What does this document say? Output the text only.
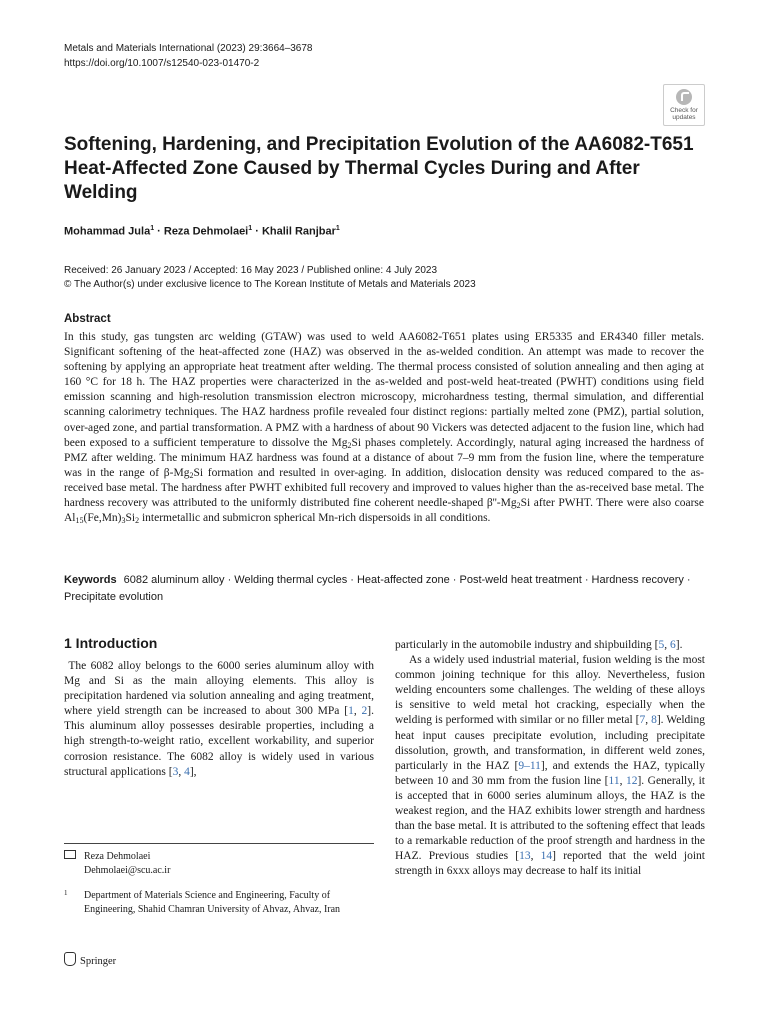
Metals and Materials International (2023) 29:3664–3678
https://doi.org/10.1007/s12540-023-01470-2
Check for
updates
Softening, Hardening, and Precipitation Evolution of the AA6082-T651 Heat-Affected Zone Caused by Thermal Cycles During and After Welding
Mohammad Jula$^1$ · Reza Dehmolaei$^1$ · Khalil Ranjbar$^1$
Received: 26 January 2023 / Accepted: 16 May 2023 / Published online: 4 July 2023
© The Author(s) under exclusive licence to The Korean Institute of Metals and Materials 2023
Abstract

In this study, gas tungsten arc welding (GTAW) was used to weld AA6082-T651 plates using ER5335 and ER4340 filler metals. Significant softening of the heat-affected zone (HAZ) was observed in the as-welded condition. An attempt was made to recover the softening by applying an appropriate heat treatment after welding. The thermal process consisted of solution annealing and then aging at 160 °C for 18 h. The HAZ properties were characterized in the as-welded and post-weld heat-treated (PWHT) conditions using field emission scanning and high-resolution transmission electron microscopy, microhardness testing, thermal simulation, and differential scanning calorimetry techniques. The HAZ hardness profile revealed four distinct regions: partially melted zone (PMZ), partial solution, over-aged zone, and partial transformation. A PMZ with a hardness of about 90 Vickers was detected adjacent to the fusion line, which had been exposed to a sufficient temperature to dissolve the $Mg_2Si$ phases completely. Accordingly, natural aging increased the hardness of PMZ after welding. The minimum HAZ hardness was found at a distance of about 7–9 mm from the fusion line, where the temperature was in the range of $\beta-Mg_2Si$ formation and resulted in over-aging. In addition, dislocation density was reduced compared to the as-received base metal. The hardness after PWHT exhibited full recovery and improved to values higher than the as-received base metal. The hardness recovery was attributed to the uniformly distributed fine coherent needle-shaped $\beta''-Mg_2Si$ after PWHT. There were also coarse $Al_{15}(Fe,Mn)_3Si_2$ intermetallic and submicron spherical Mn-rich dispersoids in all conditions.

Keywords 6082 aluminum alloy · Welding thermal cycles · Heat-affected zone · Post-weld heat treatment · Hardness recovery · Precipitate evolution
1 Introduction

The 6082 alloy belongs to the 6000 series aluminum alloy with Mg and Si as the main alloying elements. This alloy is precipitation hardened via solution annealing and aging treatment, where yield strength can be increased to about 300 MPa [1, 2]. This aluminum alloy possesses desirable properties, including a high strength-to-weight ratio, excellent workability, and superior corrosion resistance. The 6082 alloy is widely used in various structural applications [3, 4],

particularly in the automobile industry and shipbuilding [5, 6].

As a widely used industrial material, fusion welding is the most common joining technique for this alloy. Nevertheless, fusion welding encounters some challenges. The welding of these alloys is sensitive to weld metal hot cracking, especially when the welding is performed with similar or no filler metal [7, 8]. Welding heat input causes precipitate evolution, including precipitate dissolution, growth, and transformation, in different weld zones, particularly in the HAZ [9–11], and extends the HAZ, typically between 10 and 30 mm from the fusion line [11, 12]. Generally, it is accepted that in 6000 series aluminum alloys, the HAZ is the weakest region, and the HAZ exhibits lower strength and hardness than the base metal. It is attributed to the softening effect that leads to a remarkable reduction of the proof strength and hardness in the HAZ. Previous studies [13, 14] reported that the weld joint strength in 6xxx alloys may decrease to half its initial

Reza Dehmolaei
Dehmolaei@scu.ac.ir
1 Department of Materials Science and Engineering, Faculty of Engineering, Shahid Chamran University of Ahvaz, Ahvaz, Iran
Springer
